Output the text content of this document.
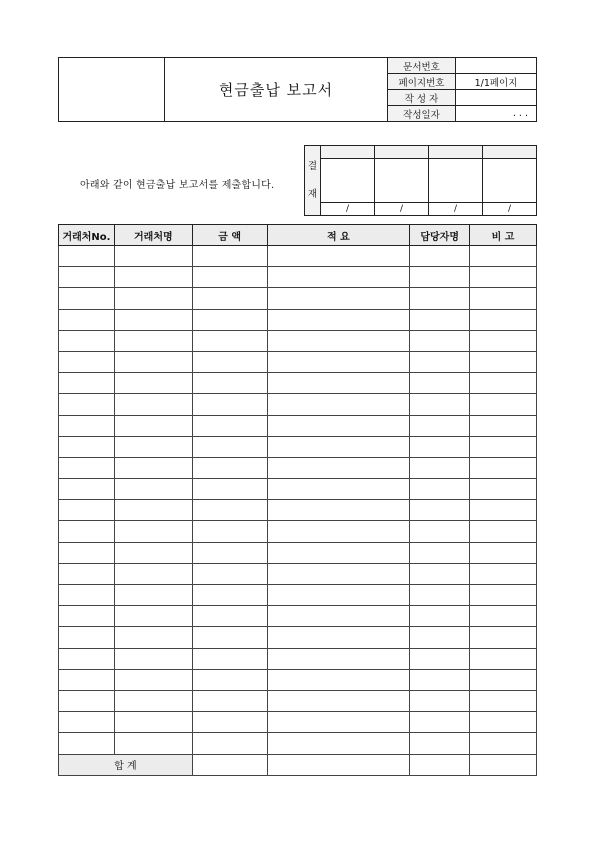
	현금출납 보고서	문서번호	
		페이지번호	1/1페이지
		작 성 자	
		작성일자	. . .
아래와 같이 현금출납 보고서를 제출합니다.
결
재				

	/	/	/	/
거래처No.	거래처명	금 액	적 요	담당자명	비 고

합 계					
